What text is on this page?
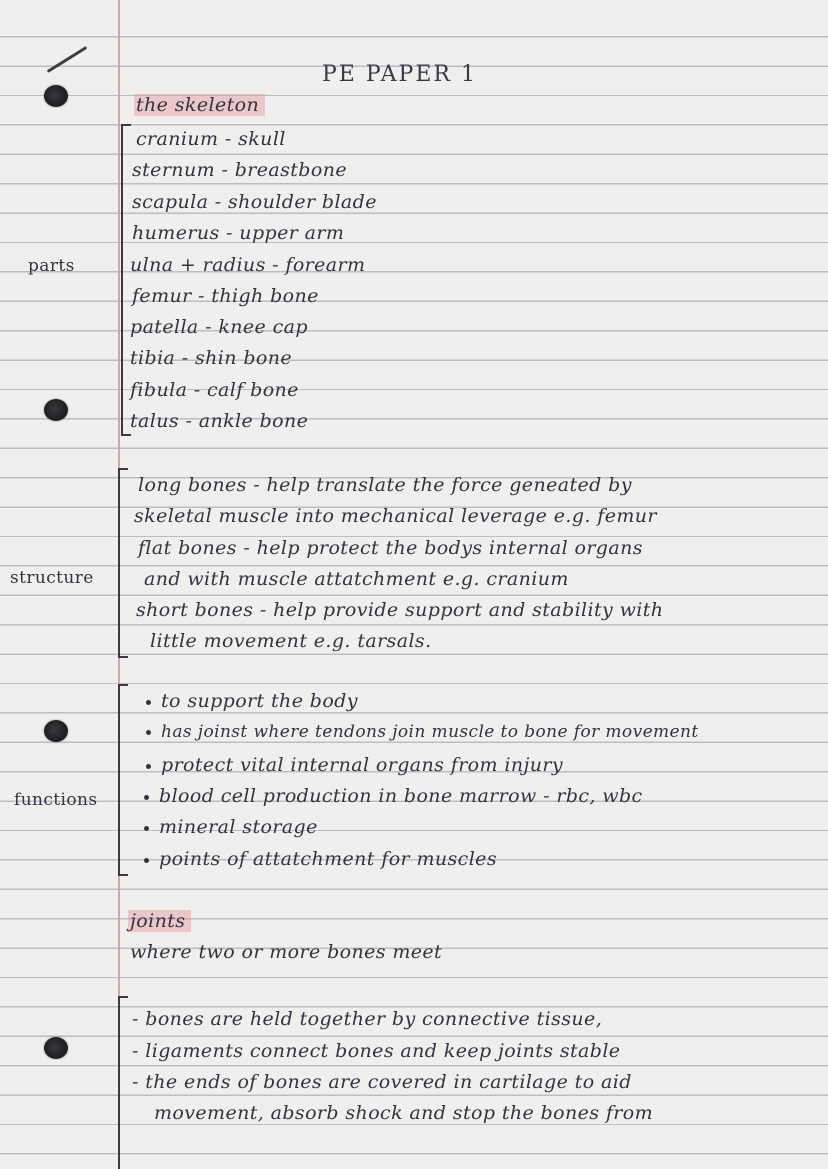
PE PAPER 1
the skeleton
parts
cranium - skull
sternum - breastbone
scapula - shoulder blade
humerus - upper arm
ulna + radius - forearm
femur - thigh bone
patella - knee cap
tibia - shin bone
fibula - calf bone
talus - ankle bone
structure
long bones - help translate the force geneated by
skeletal muscle into mechanical leverage e.g. femur
flat bones - help protect the bodys internal organs
and with muscle attatchment e.g. cranium
short bones - help provide support and stability with
little movement e.g. tarsals.
functions
to support the body
has joinst where tendons join muscle to bone for movement
protect vital internal organs from injury
blood cell production in bone marrow - rbc, wbc
mineral storage
points of attatchment for muscles
joints
where two or more bones meet
- bones are held together by connective tissue,
- ligaments connect bones and keep joints stable
- the ends of bones are covered in cartilage to aid
movement, absorb shock and stop the bones from
